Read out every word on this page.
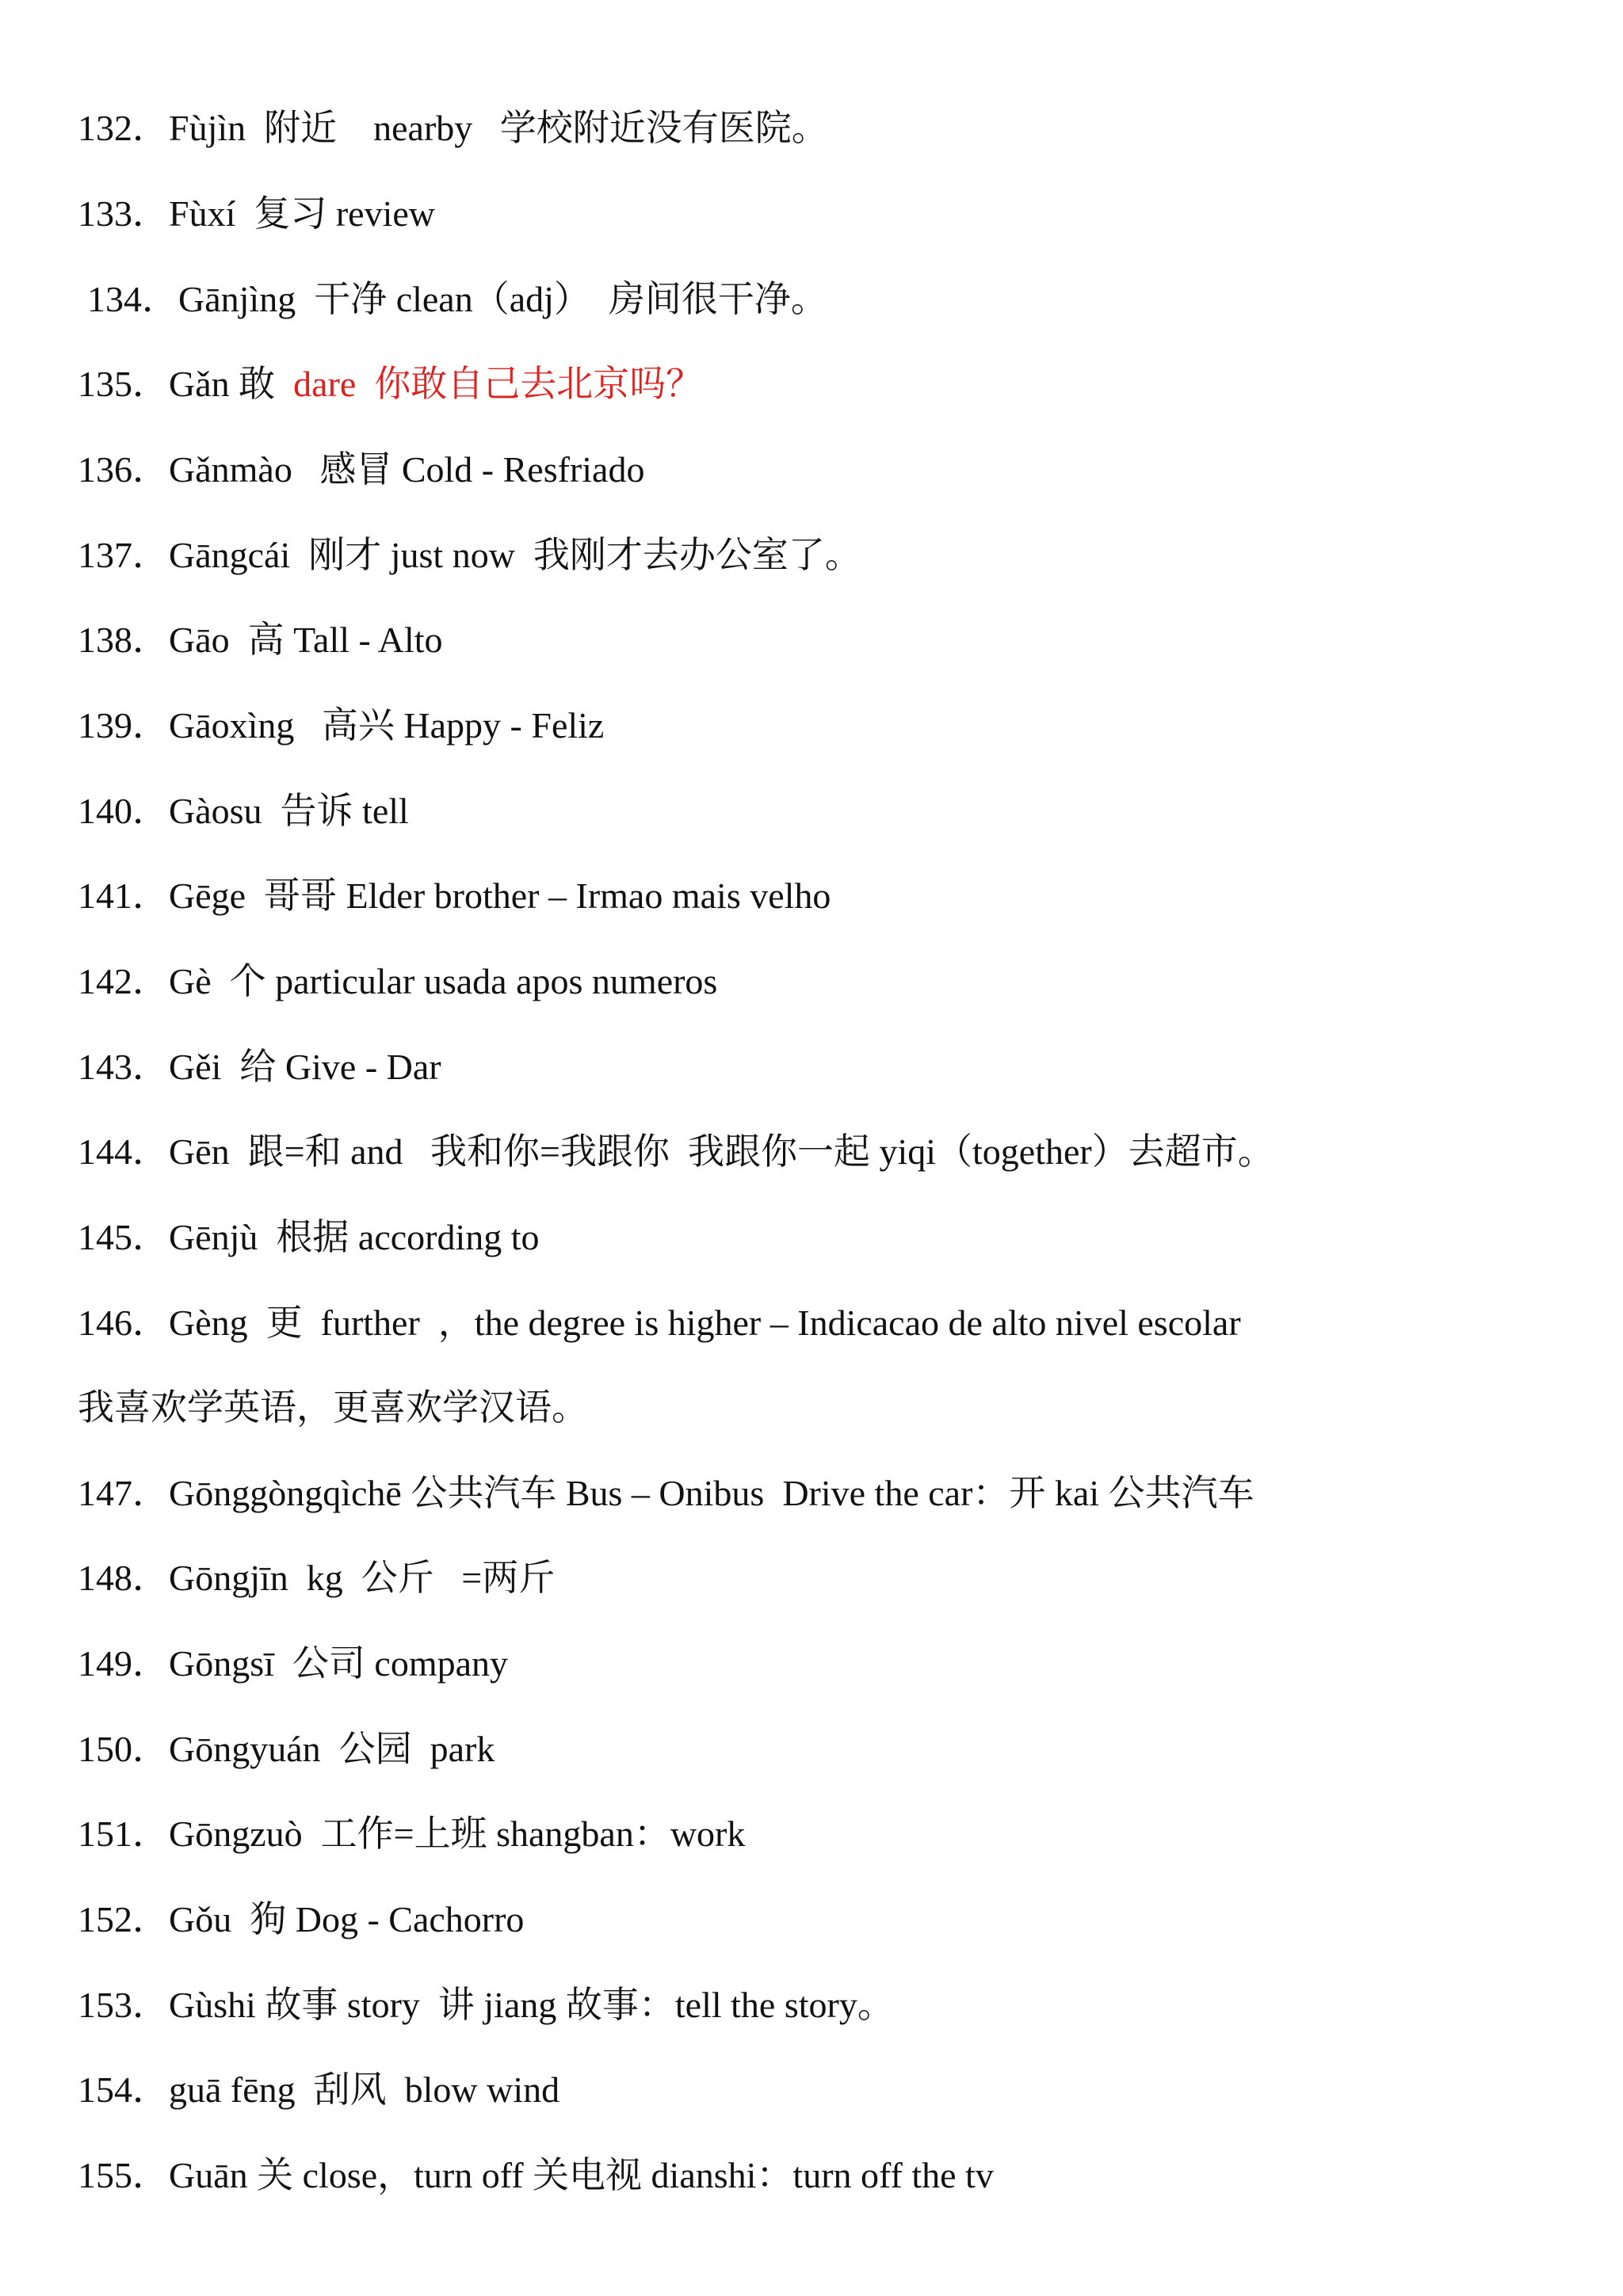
132．Fùjìn  附近    nearby   学校附近没有医院。
133．Fùxí  复习 review
134．Gānjìng  干净 clean（adj）  房间很干净。
135．Gǎn 敢  dare  你敢自己去北京吗？
136．Gǎnmào   感冒 Cold - Resfriado
137．Gāngcái  刚才 just now  我刚才去办公室了。
138．Gāo  高 Tall - Alto
139．Gāoxìng   高兴 Happy - Feliz
140．Gàosu  告诉 tell
141．Gēge  哥哥 Elder brother – Irmao mais velho
142．Gè  个 particular usada apos numeros
143．Gěi  给 Give - Dar
144．Gēn  跟=和 and   我和你=我跟你  我跟你一起 yiqi（together）去超市。
145．Gēnjù  根据 according to
146．Gèng  更  further  ，the degree is higher – Indicacao de alto nivel escolar
我喜欢学英语，更喜欢学汉语。
147．Gōnggòngqìchē 公共汽车 Bus – Onibus  Drive the car：开 kai 公共汽车
148．Gōngjīn  kg  公斤   =两斤
149．Gōngsī  公司 company
150．Gōngyuán  公园  park
151．Gōngzuò  工作=上班 shangban：work
152．Gǒu  狗 Dog - Cachorro
153．Gùshi 故事 story  讲 jiang 故事：tell the story。
154．guā fēng  刮风  blow wind
155．Guān 关 close，turn off 关电视 dianshi：turn off the tv
